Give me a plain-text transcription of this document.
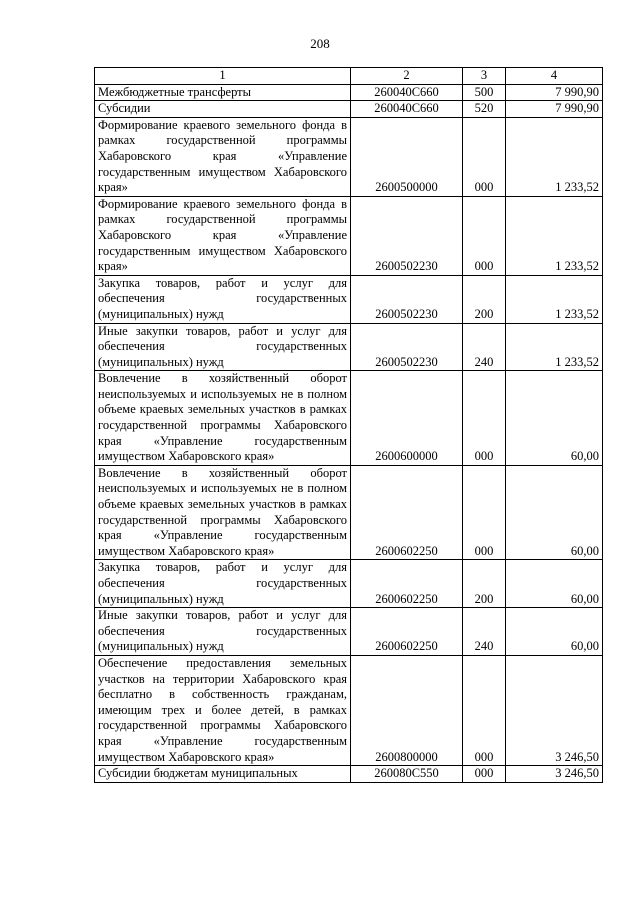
208
1	2	3	4
Межбюджетные трансферты	260040С660	500	7 990,90
Субсидии	260040С660	520	7 990,90
Формирование краевого земельного фонда в рамках государственной программы Хабаровского края «Управление государственным имуществом Хабаровского края»	2600500000	000	1 233,52
Формирование краевого земельного фонда в рамках государственной программы Хабаровского края «Управление государственным имуществом Хабаровского края»	2600502230	000	1 233,52
Закупка товаров, работ и услуг для обеспечения государственных (муниципальных) нужд	2600502230	200	1 233,52
Иные закупки товаров, работ и услуг для обеспечения государственных (муниципальных) нужд	2600502230	240	1 233,52
Вовлечение в хозяйственный оборот неиспользуемых и используемых не в полном объеме краевых земельных участков в рамках государственной программы Хабаровского края «Управление государственным имуществом Хабаровского края»	2600600000	000	60,00
Вовлечение в хозяйственный оборот неиспользуемых и используемых не в полном объеме краевых земельных участков в рамках государственной программы Хабаровского края «Управление государственным имуществом Хабаровского края»	2600602250	000	60,00
Закупка товаров, работ и услуг для обеспечения государственных (муниципальных) нужд	2600602250	200	60,00
Иные закупки товаров, работ и услуг для обеспечения государственных (муниципальных) нужд	2600602250	240	60,00
Обеспечение предоставления земельных участков на территории Хабаровского края бесплатно в собственность гражданам, имеющим трех и более детей, в рамках государственной программы Хабаровского края «Управление государственным имуществом Хабаровского края»	2600800000	000	3 246,50
Субсидии бюджетам муниципальных	260080С550	000	3 246,50
